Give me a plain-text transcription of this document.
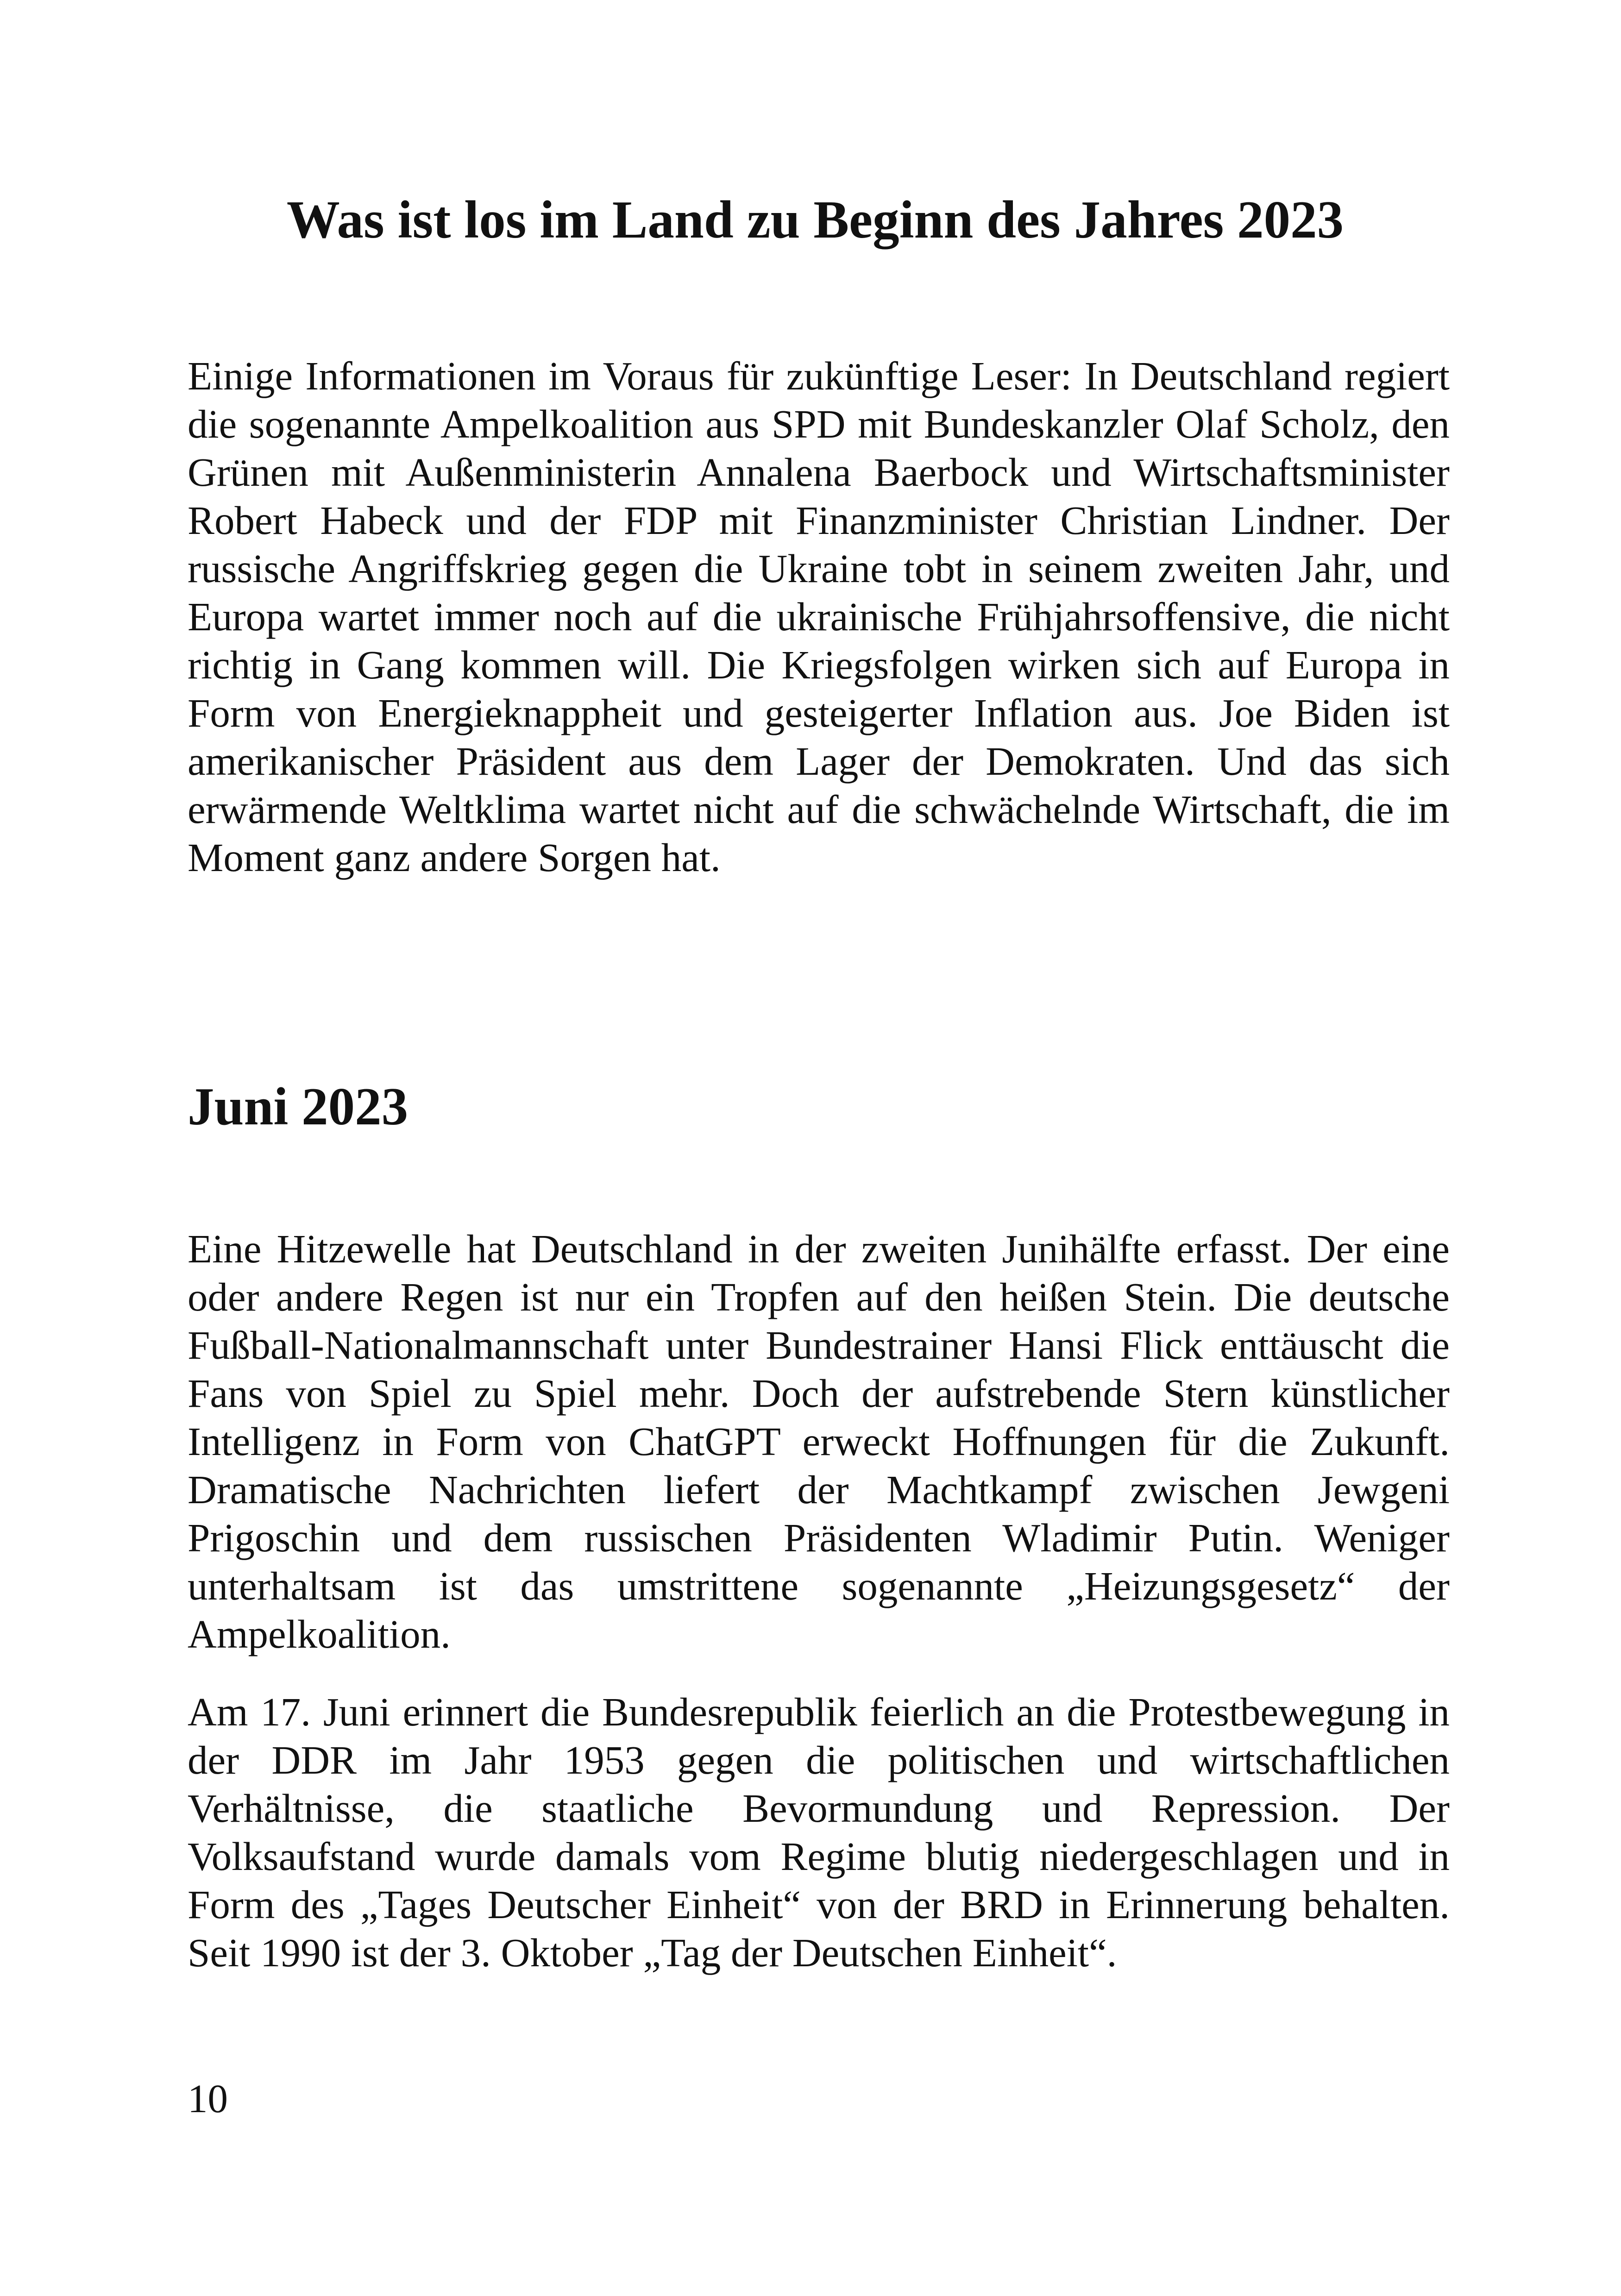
Was ist los im Land zu Beginn des Jahres 2023

Einige Informationen im Voraus für zukünftige Leser: In Deutschland regiert die sogenannte Ampelkoalition aus SPD mit Bundeskanzler Olaf Scholz, den Grünen mit Außenministerin Annalena Baerbock und Wirtschaftsminister Robert Habeck und der FDP mit Finanzminister Christian Lindner. Der russische Angriffskrieg gegen die Ukraine tobt in seinem zweiten Jahr, und Europa wartet immer noch auf die ukrainische Frühjahrsoffensive, die nicht richtig in Gang kommen will. Die Kriegsfolgen wirken sich auf Europa in Form von Energieknappheit und gesteigerter Inflation aus. Joe Biden ist amerikanischer Präsident aus dem Lager der Demokraten. Und das sich erwärmende Weltklima wartet nicht auf die schwächelnde Wirtschaft, die im Moment ganz andere Sorgen hat.

Juni 2023

Eine Hitzewelle hat Deutschland in der zweiten Junihälfte erfasst. Der eine oder andere Regen ist nur ein Tropfen auf den heißen Stein. Die deutsche Fußball-Nationalmannschaft unter Bundestrainer Hansi Flick enttäuscht die Fans von Spiel zu Spiel mehr. Doch der aufstrebende Stern künstlicher Intelligenz in Form von ChatGPT erweckt Hoffnungen für die Zukunft. Dramatische Nachrichten liefert der Machtkampf zwischen Jewgeni Prigoschin und dem russischen Präsidenten Wladimir Putin. Weniger unterhaltsam ist das umstrittene sogenannte „Heizungsgesetz“ der Ampelkoalition.

Am 17. Juni erinnert die Bundesrepublik feierlich an die Protestbewegung in der DDR im Jahr 1953 gegen die politischen und wirtschaftlichen Verhältnisse, die staatliche Bevormundung und Repression. Der Volksaufstand wurde damals vom Regime blutig niedergeschlagen und in Form des „Tages Deutscher Einheit“ von der BRD in Erinnerung behalten. Seit 1990 ist der 3. Oktober „Tag der Deutschen Einheit“.

10
